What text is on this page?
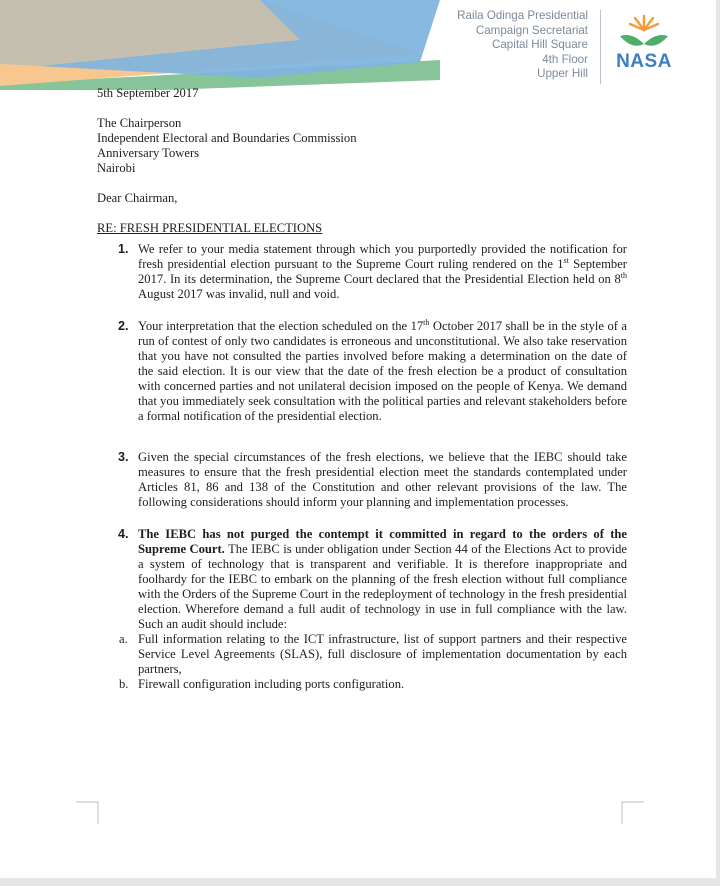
Raila Odinga Presidential
Campaign Secretariat
Capital Hill Square
4th Floor
Upper Hill
NASA
5th September 2017
The Chairperson
Independent Electoral and Boundaries Commission
Anniversary Towers
Nairobi
Dear Chairman,
RE: FRESH PRESIDENTIAL ELECTIONS
1. We refer to your media statement through which you purportedly provided the notification for fresh presidential election pursuant to the Supreme Court ruling rendered on the 1st September 2017. In its determination, the Supreme Court declared that the Presidential Election held on 8th August 2017 was invalid, null and void.
2. Your interpretation that the election scheduled on the 17th October 2017 shall be in the style of a run of contest of only two candidates is erroneous and unconstitutional. We also take reservation that you have not consulted the parties involved before making a determination on the date of the said election. It is our view that the date of the fresh election be a product of consultation with concerned parties and not unilateral decision imposed on the people of Kenya. We demand that you immediately seek consultation with the political parties and relevant stakeholders before a formal notification of the presidential election.
3. Given the special circumstances of the fresh elections, we believe that the IEBC should take measures to ensure that the fresh presidential election meet the standards contemplated under Articles 81, 86 and 138 of the Constitution and other relevant provisions of the law. The following considerations should inform your planning and implementation processes.
4. The IEBC has not purged the contempt it committed in regard to the orders of the Supreme Court. The IEBC is under obligation under Section 44 of the Elections Act to provide a system of technology that is transparent and verifiable. It is therefore inappropriate and foolhardy for the IEBC to embark on the planning of the fresh election without full compliance with the Orders of the Supreme Court in the redeployment of technology in the fresh presidential election. Wherefore demand a full audit of technology in use in full compliance with the law. Such an audit should include:
a. Full information relating to the ICT infrastructure, list of support partners and their respective Service Level Agreements (SLAS), full disclosure of implementation documentation by each partners,
b. Firewall configuration including ports configuration.
